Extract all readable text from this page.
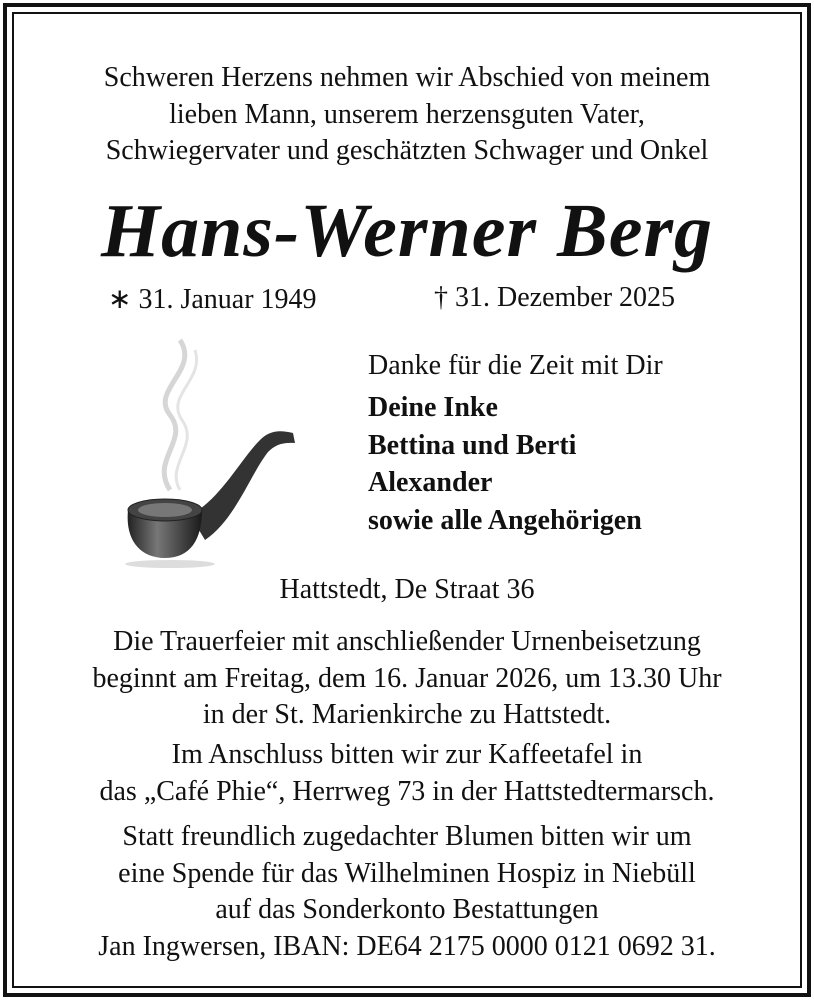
Schweren Herzens nehmen wir Abschied von meinem
lieben Mann, unserem herzensguten Vater,
Schwiegervater und geschätzten Schwager und Onkel
Hans-Werner Berg
∗ 31. Januar 1949	† 31. Dezember 2025
Danke für die Zeit mit Dir
Deine Inke
Bettina und Berti
Alexander
sowie alle Angehörigen
Hattstedt, De Straat 36
Die Trauerfeier mit anschließender Urnenbeisetzung
beginnt am Freitag, dem 16. Januar 2026, um 13.30 Uhr
in der St. Marienkirche zu Hattstedt.
Im Anschluss bitten wir zur Kaffeetafel in
das „Café Phie“, Herrweg 73 in der Hattstedtermarsch.
Statt freundlich zugedachter Blumen bitten wir um
eine Spende für das Wilhelminen Hospiz in Niebüll
auf das Sonderkonto Bestattungen
Jan Ingwersen, IBAN: DE64 2175 0000 0121 0692 31.
